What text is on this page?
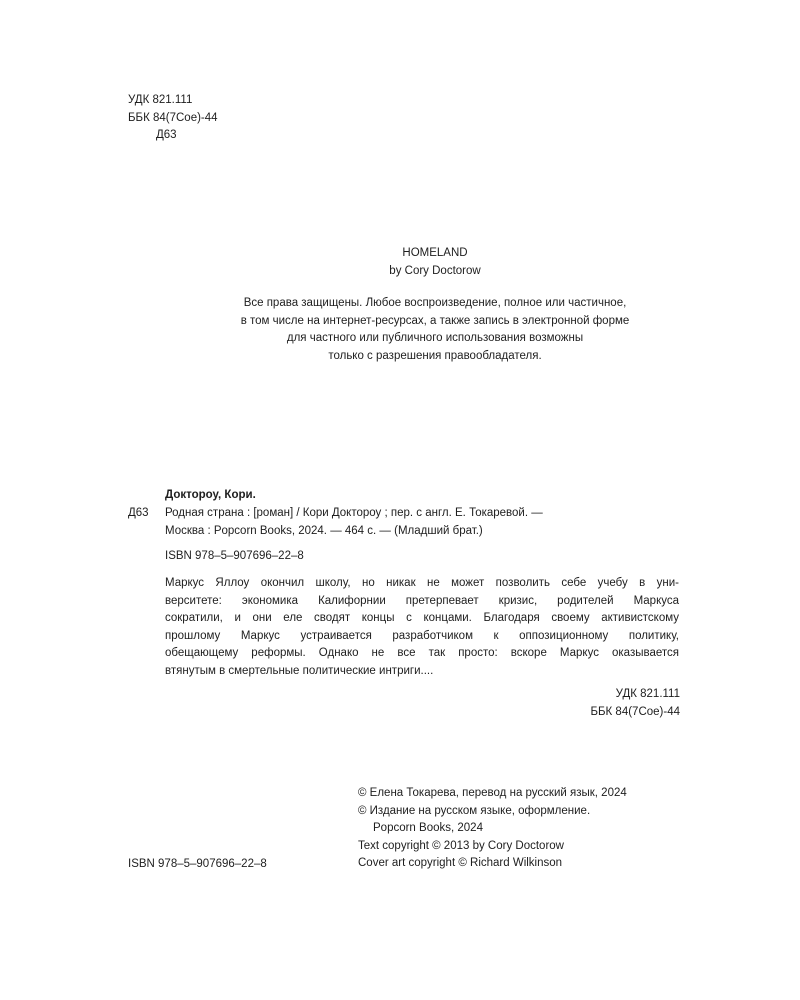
УДК 821.111
ББК 84(7Сое)-44
Д63
HOMELAND
by Cory Doctorow
Все права защищены. Любое воспроизведение, полное или частичное,
в том числе на интернет-ресурсах, а также запись в электронной форме
для частного или публичного использования возможны
только с разрешения правообладателя.
Доктороу, Кори.
Д63 Родная страна : [роман] / Кори Доктороу ; пер. с англ. Е. Токаревой. —
Москва : Popcorn Books, 2024. — 464 с. — (Младший брат.)
ISBN 978–5–907696–22–8
Маркус Яллоу окончил школу, но никак не может позволить себе учебу в уни-
верситете: экономика Калифорнии претерпевает кризис, родителей Маркуса
сократили, и они еле сводят концы с концами. Благодаря своему активистскому
прошлому Маркус устраивается разработчиком к оппозиционному политику,
обещающему реформы. Однако не все так просто: вскоре Маркус оказывается
втянутым в смертельные политические интриги....
УДК 821.111
ББК 84(7Сое)-44
© Елена Токарева, перевод на русский язык, 2024
© Издание на русском языке, оформление.
Popcorn Books, 2024
Text copyright © 2013 by Cory Doctorow
Cover art copyright © Richard Wilkinson
ISBN 978–5–907696–22–8
